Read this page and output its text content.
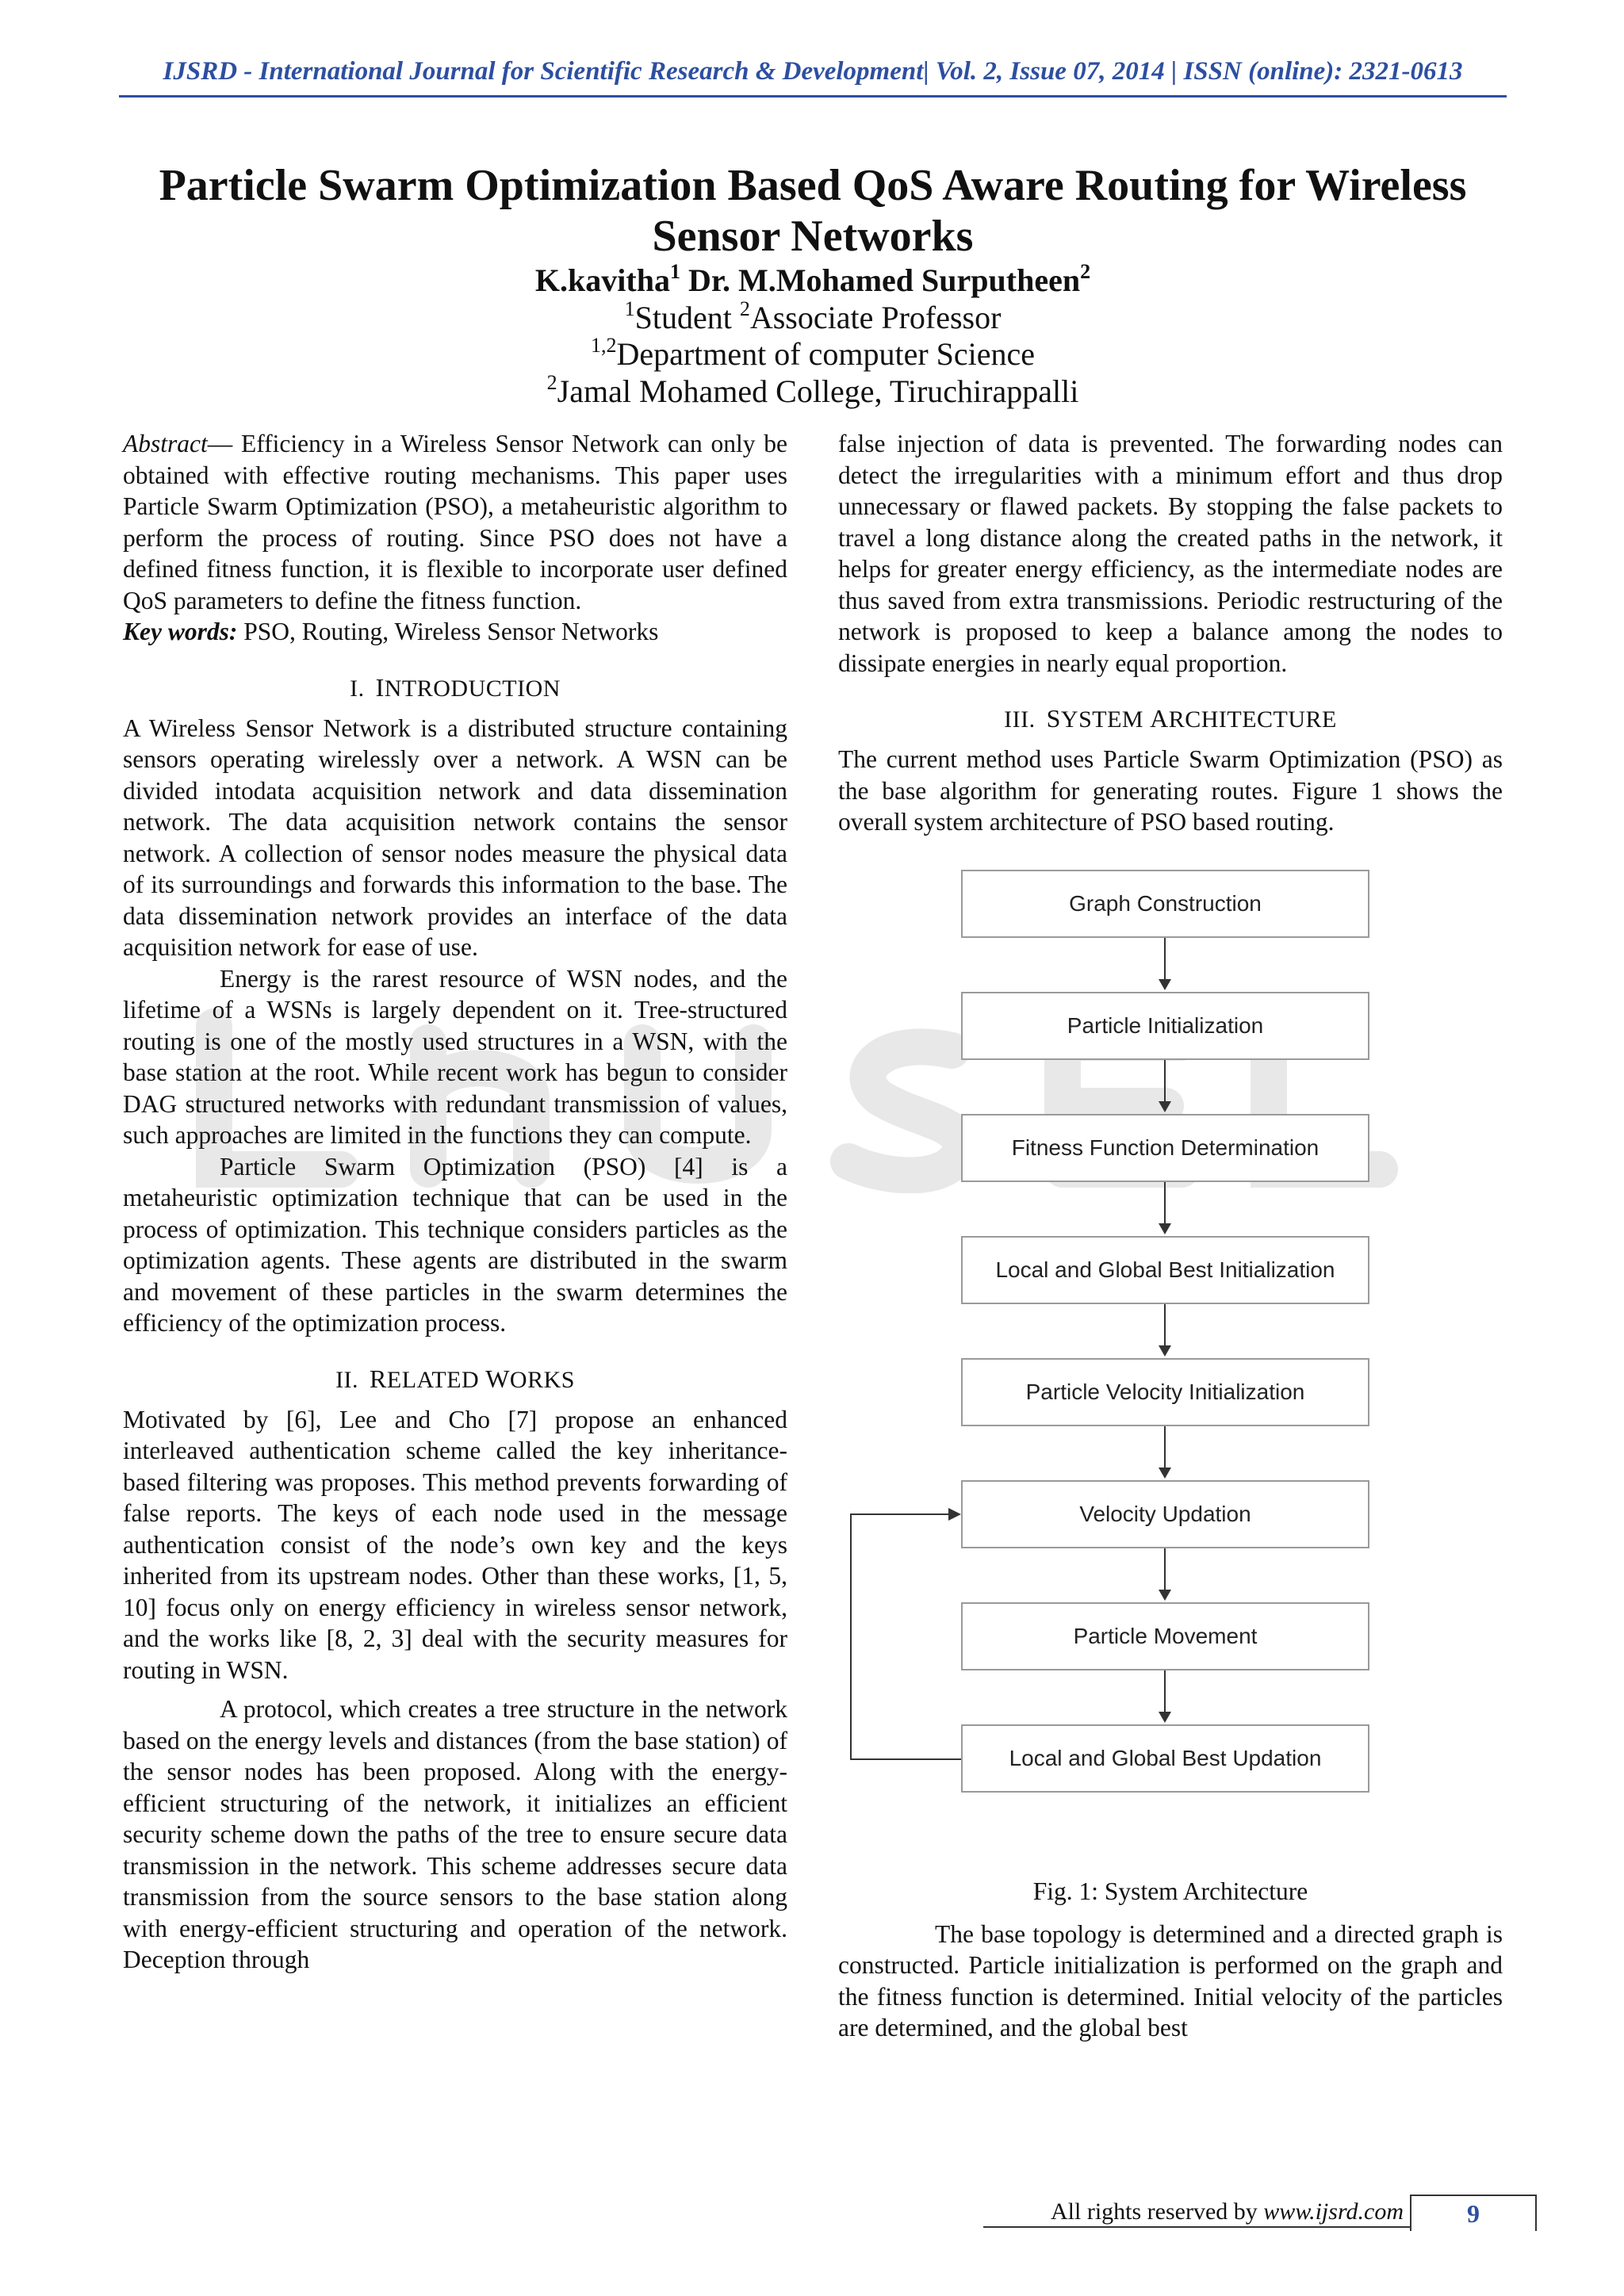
IJSRD - International Journal for Scientific Research & Development| Vol. 2, Issue 07, 2014 | ISSN (online): 2321-0613
Particle Swarm Optimization Based QoS Aware Routing for Wireless
Sensor Networks
K.kavitha$^1$ Dr. M.Mohamed Surputheen$^2$
$^1$Student $^2$Associate Professor
$^{1,2}$Department of computer Science
$^2$Jamal Mohamed College, Tiruchirappalli

Abstract— Efficiency in a Wireless Sensor Network can only be obtained with effective routing mechanisms. This paper uses Particle Swarm Optimization (PSO), a metaheuristic algorithm to perform the process of routing. Since PSO does not have a defined fitness function, it is flexible to incorporate user defined QoS parameters to define the fitness function.

Key words: PSO, Routing, Wireless Sensor Networks

I. INTRODUCTION

A Wireless Sensor Network is a distributed structure containing sensors operating wirelessly over a network. A WSN can be divided intodata acquisition network and data dissemination network. The data acquisition network contains the sensor network. A collection of sensor nodes measure the physical data of its surroundings and forwards this information to the base. The data dissemination network provides an interface of the data acquisition network for ease of use.

Energy is the rarest resource of WSN nodes, and the lifetime of a WSNs is largely dependent on it. Tree-structured routing is one of the mostly used structures in a WSN, with the base station at the root. While recent work has begun to consider DAG structured networks with redundant transmission of values, such approaches are limited in the functions they can compute.

Particle Swarm Optimization (PSO) [4] is a metaheuristic optimization technique that can be used in the process of optimization. This technique considers particles as the optimization agents. These agents are distributed in the swarm and movement of these particles in the swarm determines the efficiency of the optimization process.

II. RELATED WORKS

Motivated by [6], Lee and Cho [7] propose an enhanced interleaved authentication scheme called the key inheritance-based filtering was proposes. This method prevents forwarding of false reports. The keys of each node used in the message authentication consist of the node’s own key and the keys inherited from its upstream nodes. Other than these works, [1, 5, 10] focus only on energy efficiency in wireless sensor network, and the works like [8, 2, 3] deal with the security measures for routing in WSN.

A protocol, which creates a tree structure in the network based on the energy levels and distances (from the base station) of the sensor nodes has been proposed. Along with the energy-efficient structuring of the network, it initializes an efficient security scheme down the paths of the tree to ensure secure data transmission in the network. This scheme addresses secure data transmission from the source sensors to the base station along with energy-efficient structuring and operation of the network. Deception through

false injection of data is prevented. The forwarding nodes can detect the irregularities with a minimum effort and thus drop unnecessary or flawed packets. By stopping the false packets to travel a long distance along the created paths in the network, it helps for greater energy efficiency, as the intermediate nodes are thus saved from extra transmissions. Periodic restructuring of the network is proposed to keep a balance among the nodes to dissipate energies in nearly equal proportion.

III. SYSTEM ARCHITECTURE

The current method uses Particle Swarm Optimization (PSO) as the base algorithm for generating routes. Figure 1 shows the overall system architecture of PSO based routing.

Graph Construction
Particle Initialization
Fitness Function Determination
Local and Global Best Initialization
Particle Velocity Initialization
Velocity Updation
Particle Movement
Local and Global Best Updation
Fig. 1: System Architecture

The base topology is determined and a directed graph is constructed. Particle initialization is performed on the graph and the fitness function is determined. Initial velocity of the particles are determined, and the global best

All rights reserved by www.ijsrd.com	9
